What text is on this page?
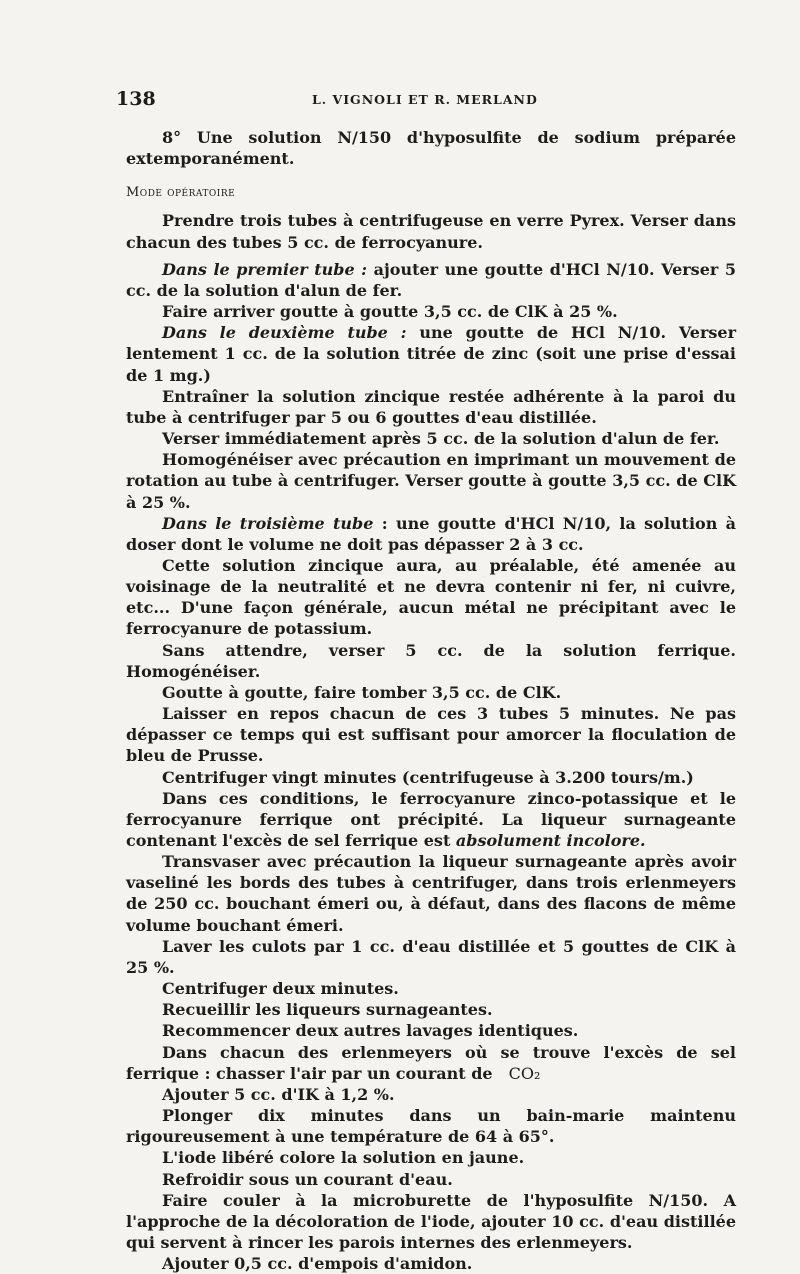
138	L. VIGNOLI ET R. MERLAND

8° Une solution N/150 d'hyposulfite de sodium préparée extemporanément.

Mode opératoire

Prendre trois tubes à centrifugeuse en verre Pyrex. Verser dans chacun des tubes 5 cc. de ferrocyanure.

Dans le premier tube : ajouter une goutte d'HCl N/10. Verser 5 cc. de la solution d'alun de fer.

Faire arriver goutte à goutte 3,5 cc. de ClK à 25 %.

Dans le deuxième tube : une goutte de HCl N/10. Verser lentement 1 cc. de la solution titrée de zinc (soit une prise d'essai de 1 mg.)

Entraîner la solution zincique restée adhérente à la paroi du tube à centrifuger par 5 ou 6 gouttes d'eau distillée.

Verser immédiatement après 5 cc. de la solution d'alun de fer.

Homogénéiser avec précaution en imprimant un mouvement de rotation au tube à centrifuger. Verser goutte à goutte 3,5 cc. de ClK à 25 %.

Dans le troisième tube : une goutte d'HCl N/10, la solution à doser dont le volume ne doit pas dépasser 2 à 3 cc.

Cette solution zincique aura, au préalable, été amenée au voisinage de la neutralité et ne devra contenir ni fer, ni cuivre, etc... D'une façon générale, aucun métal ne précipitant avec le ferrocyanure de potassium.

Sans attendre, verser 5 cc. de la solution ferrique. Homogénéiser.

Goutte à goutte, faire tomber 3,5 cc. de ClK.

Laisser en repos chacun de ces 3 tubes 5 minutes. Ne pas dépasser ce temps qui est suffisant pour amorcer la floculation de bleu de Prusse.

Centrifuger vingt minutes (centrifugeuse à 3.200 tours/m.)

Dans ces conditions, le ferrocyanure zinco-potassique et le ferrocyanure ferrique ont précipité. La liqueur surnageante contenant l'excès de sel ferrique est absolument incolore.

Transvaser avec précaution la liqueur surnageante après avoir vaseliné les bords des tubes à centrifuger, dans trois erlenmeyers de 250 cc. bouchant émeri ou, à défaut, dans des flacons de même volume bouchant émeri.

Laver les culots par 1 cc. d'eau distillée et 5 gouttes de ClK à 25 %.

Centrifuger deux minutes.

Recueillir les liqueurs surnageantes.

Recommencer deux autres lavages identiques.

Dans chacun des erlenmeyers où se trouve l'excès de sel ferrique : chasser l'air par un courant de CO₂

Ajouter 5 cc. d'IK à 1,2 %.

Plonger dix minutes dans un bain-marie maintenu rigoureusement à une température de 64 à 65°.

L'iode libéré colore la solution en jaune.

Refroidir sous un courant d'eau.

Faire couler à la microburette de l'hyposulfite N/150. A l'approche de la décoloration de l'iode, ajouter 10 cc. d'eau distillée qui servent à rincer les parois internes des erlenmeyers.

Ajouter 0,5 cc. d'empois d'amidon.
